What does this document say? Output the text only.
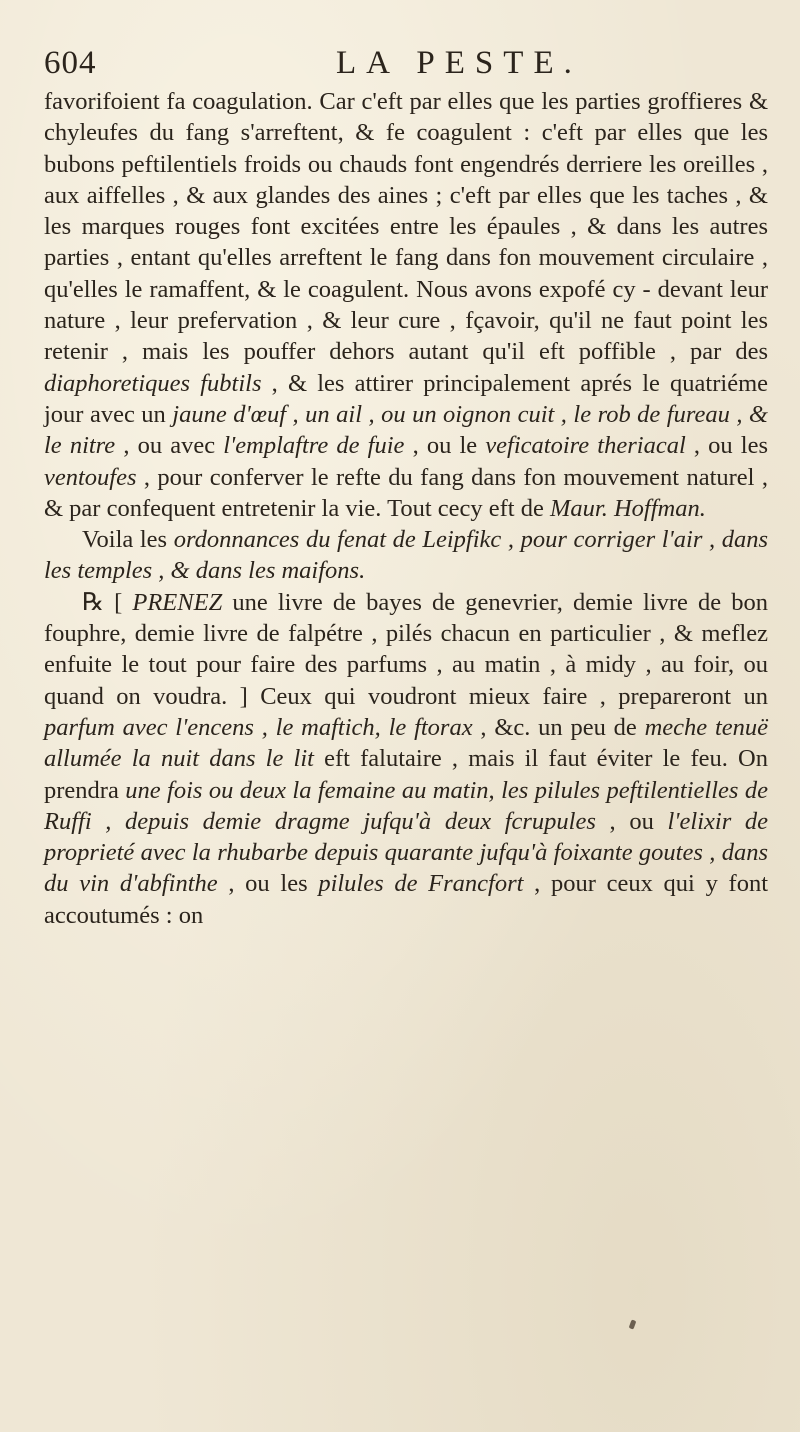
604	LA PESTE.

favorifoient fa coagulation. Car c'eft par elles que les parties groffieres & chyleufes du fang s'arreftent, & fe coagulent : c'eft par elles que les bubons peftilentiels froids ou chauds font engendrés derriere les oreilles , aux aiffelles , & aux glandes des aines ; c'eft par elles que les taches , & les marques rouges font excitées entre les épaules , & dans les autres parties , entant qu'elles arreftent le fang dans fon mouvement circulaire , qu'elles le ramaffent, & le coagulent. Nous avons expofé cy - devant leur nature , leur prefervation , & leur cure , fçavoir, qu'il ne faut point les retenir , mais les pouffer dehors autant qu'il eft poffible , par des diaphoretiques fubtils , & les attirer principalement aprés le quatriéme jour avec un jaune d'œuf , un ail , ou un oignon cuit , le rob de fureau , & le nitre , ou avec l'emplaftre de fuie , ou le veficatoire theriacal , ou les ventoufes , pour conferver le refte du fang dans fon mouvement naturel , & par confequent entretenir la vie. Tout cecy eft de Maur. Hoffman.

Voila les ordonnances du fenat de Leipfikc , pour corriger l'air , dans les temples , & dans les maifons.

℞ [ PRENEZ une livre de bayes de genevrier, demie livre de bon fouphre, demie livre de falpétre , pilés chacun en particulier , & meflez enfuite le tout pour faire des parfums , au matin , à midy , au foir, ou quand on voudra. ] Ceux qui voudront mieux faire , prepareront un parfum avec l'encens , le maftich, le ftorax , &c. un peu de meche tenuë allumée la nuit dans le lit eft falutaire , mais il faut éviter le feu. On prendra une fois ou deux la femaine au matin, les pilules peftilentielles de Ruffi , depuis demie dragme jufqu'à deux fcrupules , ou l'elixir de proprieté avec la rhubarbe depuis quarante jufqu'à foixante goutes , dans du vin d'abfinthe , ou les pilules de Francfort , pour ceux qui y font accoutumés : on
